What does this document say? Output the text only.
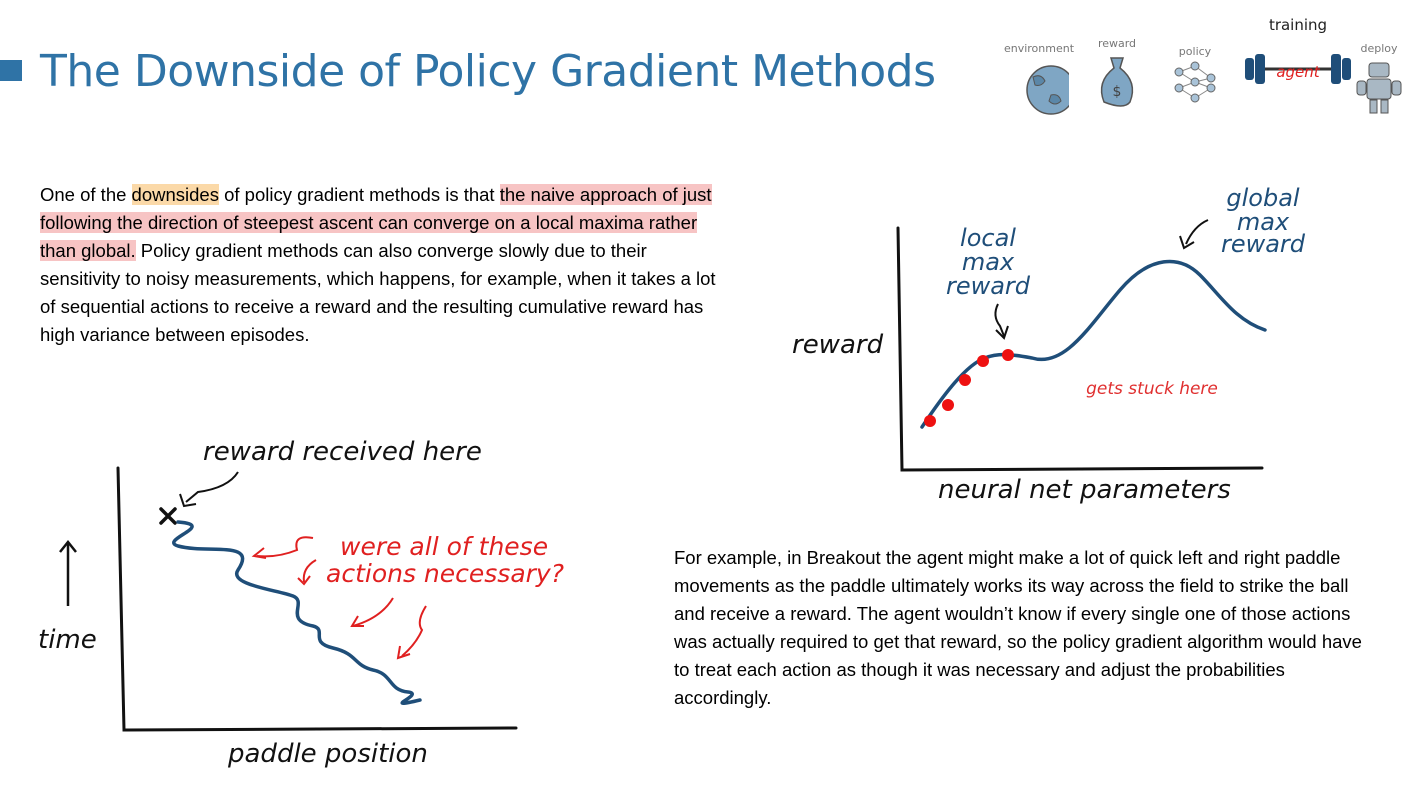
The Downside of Policy Gradient Methods	environment	reward
$
policy
training
agent
deploy

One of the downsides of policy gradient methods is that the naive approach of just following the direction of steepest ascent can converge on a local maxima rather than global. Policy gradient methods can also converge slowly due to their sensitivity to noisy measurements, which happens, for example, when it takes a lot of sequential actions to receive a reward and the resulting cumulative reward has high variance between episodes.	reward
neural net parameters
local
max
reward
global
max
reward
gets stuck here
reward received here
time
paddle position
were all of these
actions necessary?

For example, in Breakout the agent might make a lot of quick left and right paddle movements as the paddle ultimately works its way across the field to strike the ball and receive a reward. The agent wouldn’t know if every single one of those actions was actually required to get that reward, so the policy gradient algorithm would have to treat each action as though it was necessary and adjust the probabilities accordingly.
